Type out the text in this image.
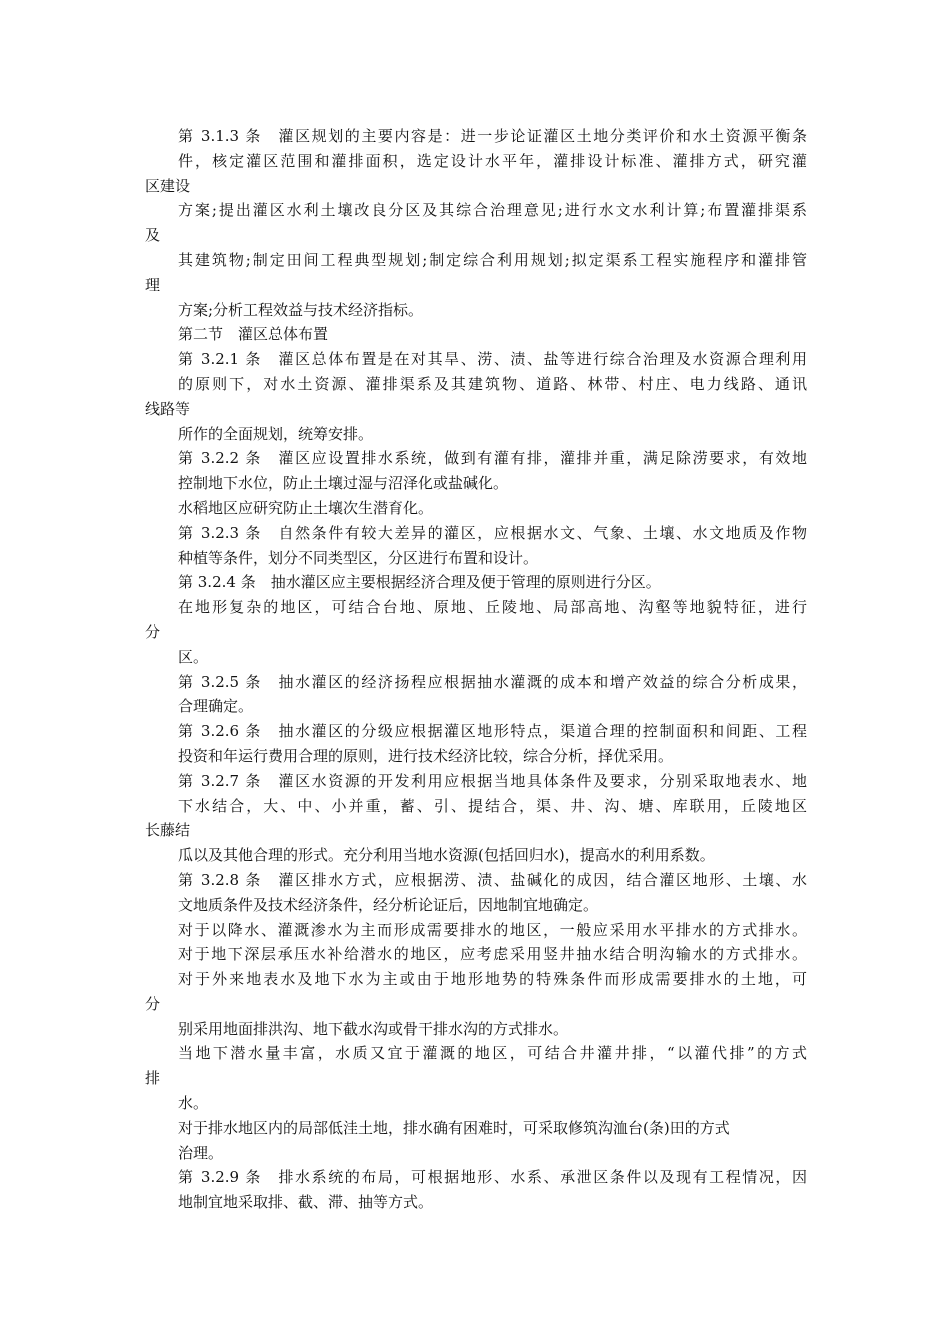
第 3.1.3 条　灌区规划的主要内容是：进一步论证灌区土地分类评价和水土资源平衡条
件，核定灌区范围和灌排面积，选定设计水平年，灌排设计标准、灌排方式，研究灌
区建设
方案;提出灌区水利土壤改良分区及其综合治理意见;进行水文水利计算;布置灌排渠系
及
其建筑物;制定田间工程典型规划;制定综合利用规划;拟定渠系工程实施程序和灌排管
理
方案;分析工程效益与技术经济指标。
第二节　灌区总体布置
第 3.2.1 条　灌区总体布置是在对其旱、涝、渍、盐等进行综合治理及水资源合理利用
的原则下，对水土资源、灌排渠系及其建筑物、道路、林带、村庄、电力线路、通讯
线路等
所作的全面规划，统筹安排。
第 3.2.2 条　灌区应设置排水系统，做到有灌有排，灌排并重，满足除涝要求，有效地
控制地下水位，防止土壤过湿与沼泽化或盐碱化。
水稻地区应研究防止土壤次生潜育化。
第 3.2.3 条　自然条件有较大差异的灌区，应根据水文、气象、土壤、水文地质及作物
种植等条件，划分不同类型区，分区进行布置和设计。
第 3.2.4 条　抽水灌区应主要根据经济合理及便于管理的原则进行分区。
在地形复杂的地区，可结合台地、原地、丘陵地、局部高地、沟壑等地貌特征，进行
分
区。
第 3.2.5 条　抽水灌区的经济扬程应根据抽水灌溉的成本和增产效益的综合分析成果，
合理确定。
第 3.2.6 条　抽水灌区的分级应根据灌区地形特点，渠道合理的控制面积和间距、工程
投资和年运行费用合理的原则，进行技术经济比较，综合分析，择优采用。
第 3.2.7 条　灌区水资源的开发利用应根据当地具体条件及要求，分别采取地表水、地
下水结合，大、中、小并重，蓄、引、提结合，渠、井、沟、塘、库联用，丘陵地区
长藤结
瓜以及其他合理的形式。充分利用当地水资源(包括回归水)，提高水的利用系数。
第 3.2.8 条　灌区排水方式，应根据涝、渍、盐碱化的成因，结合灌区地形、土壤、水
文地质条件及技术经济条件，经分析论证后，因地制宜地确定。
对于以降水、灌溉渗水为主而形成需要排水的地区，一般应采用水平排水的方式排水。
对于地下深层承压水补给潜水的地区，应考虑采用竖井抽水结合明沟输水的方式排水。
对于外来地表水及地下水为主或由于地形地势的特殊条件而形成需要排水的土地，可
分
别采用地面排洪沟、地下截水沟或骨干排水沟的方式排水。
当地下潜水量丰富，水质又宜于灌溉的地区，可结合井灌井排，“以灌代排”的方式
排
水。
对于排水地区内的局部低洼土地，排水确有困难时，可采取修筑沟洫台(条)田的方式
治理。
第 3.2.9 条　排水系统的布局，可根据地形、水系、承泄区条件以及现有工程情况，因
地制宜地采取排、截、滞、抽等方式。
